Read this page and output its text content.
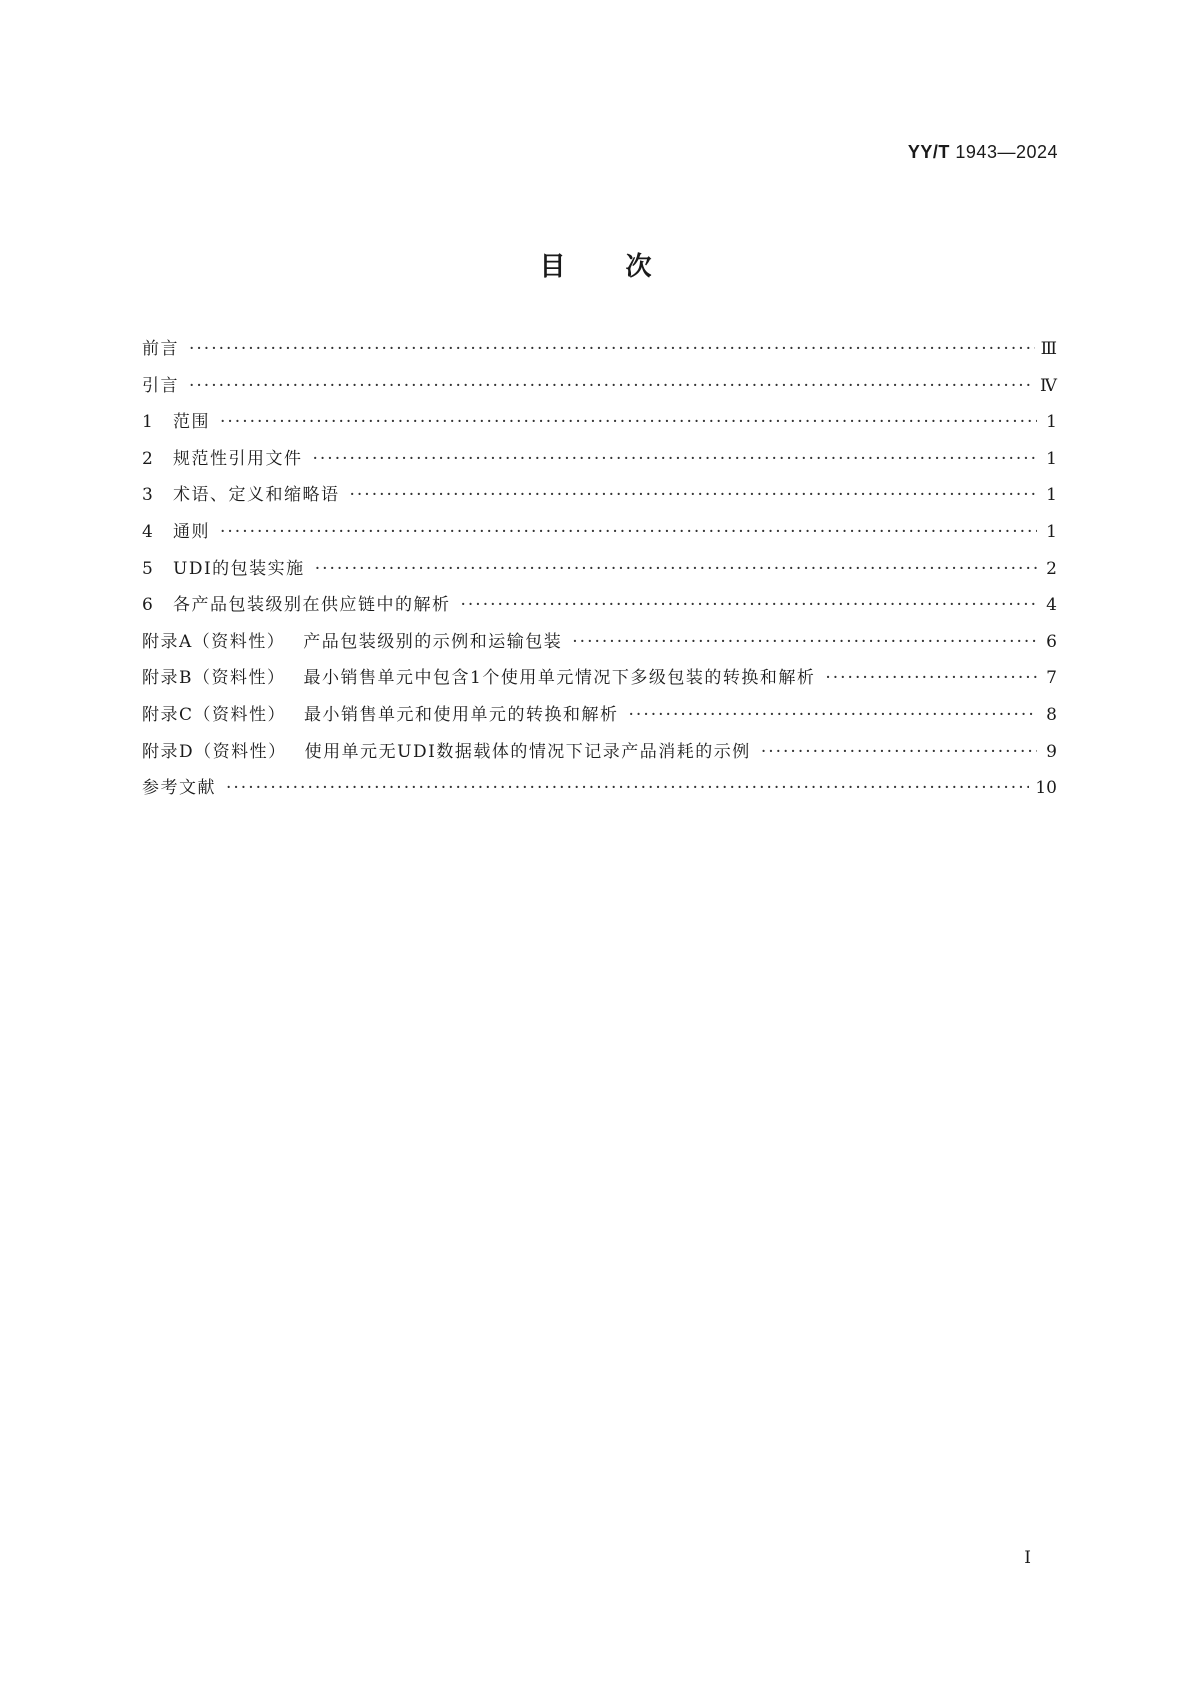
YY/T 1943—2024
目次
前言 ·····	Ⅲ
引言 ·····	Ⅳ
1	范围 ·····	1
2	规范性引用文件 ·····	1
3	术语、定义和缩略语 ·····	1
4	通则 ·····	1
5	UDI的包装实施 ·····	2
6	各产品包装级别在供应链中的解析 ·····	4
附录A（资料性） 产品包装级别的示例和运输包装 ·····	6
附录B（资料性） 最小销售单元中包含1个使用单元情况下多级包装的转换和解析 ·····	7
附录C（资料性） 最小销售单元和使用单元的转换和解析 ·····	8
附录D（资料性） 使用单元无UDI数据载体的情况下记录产品消耗的示例 ·····	9
参考文献 ·····	10
Ⅰ
